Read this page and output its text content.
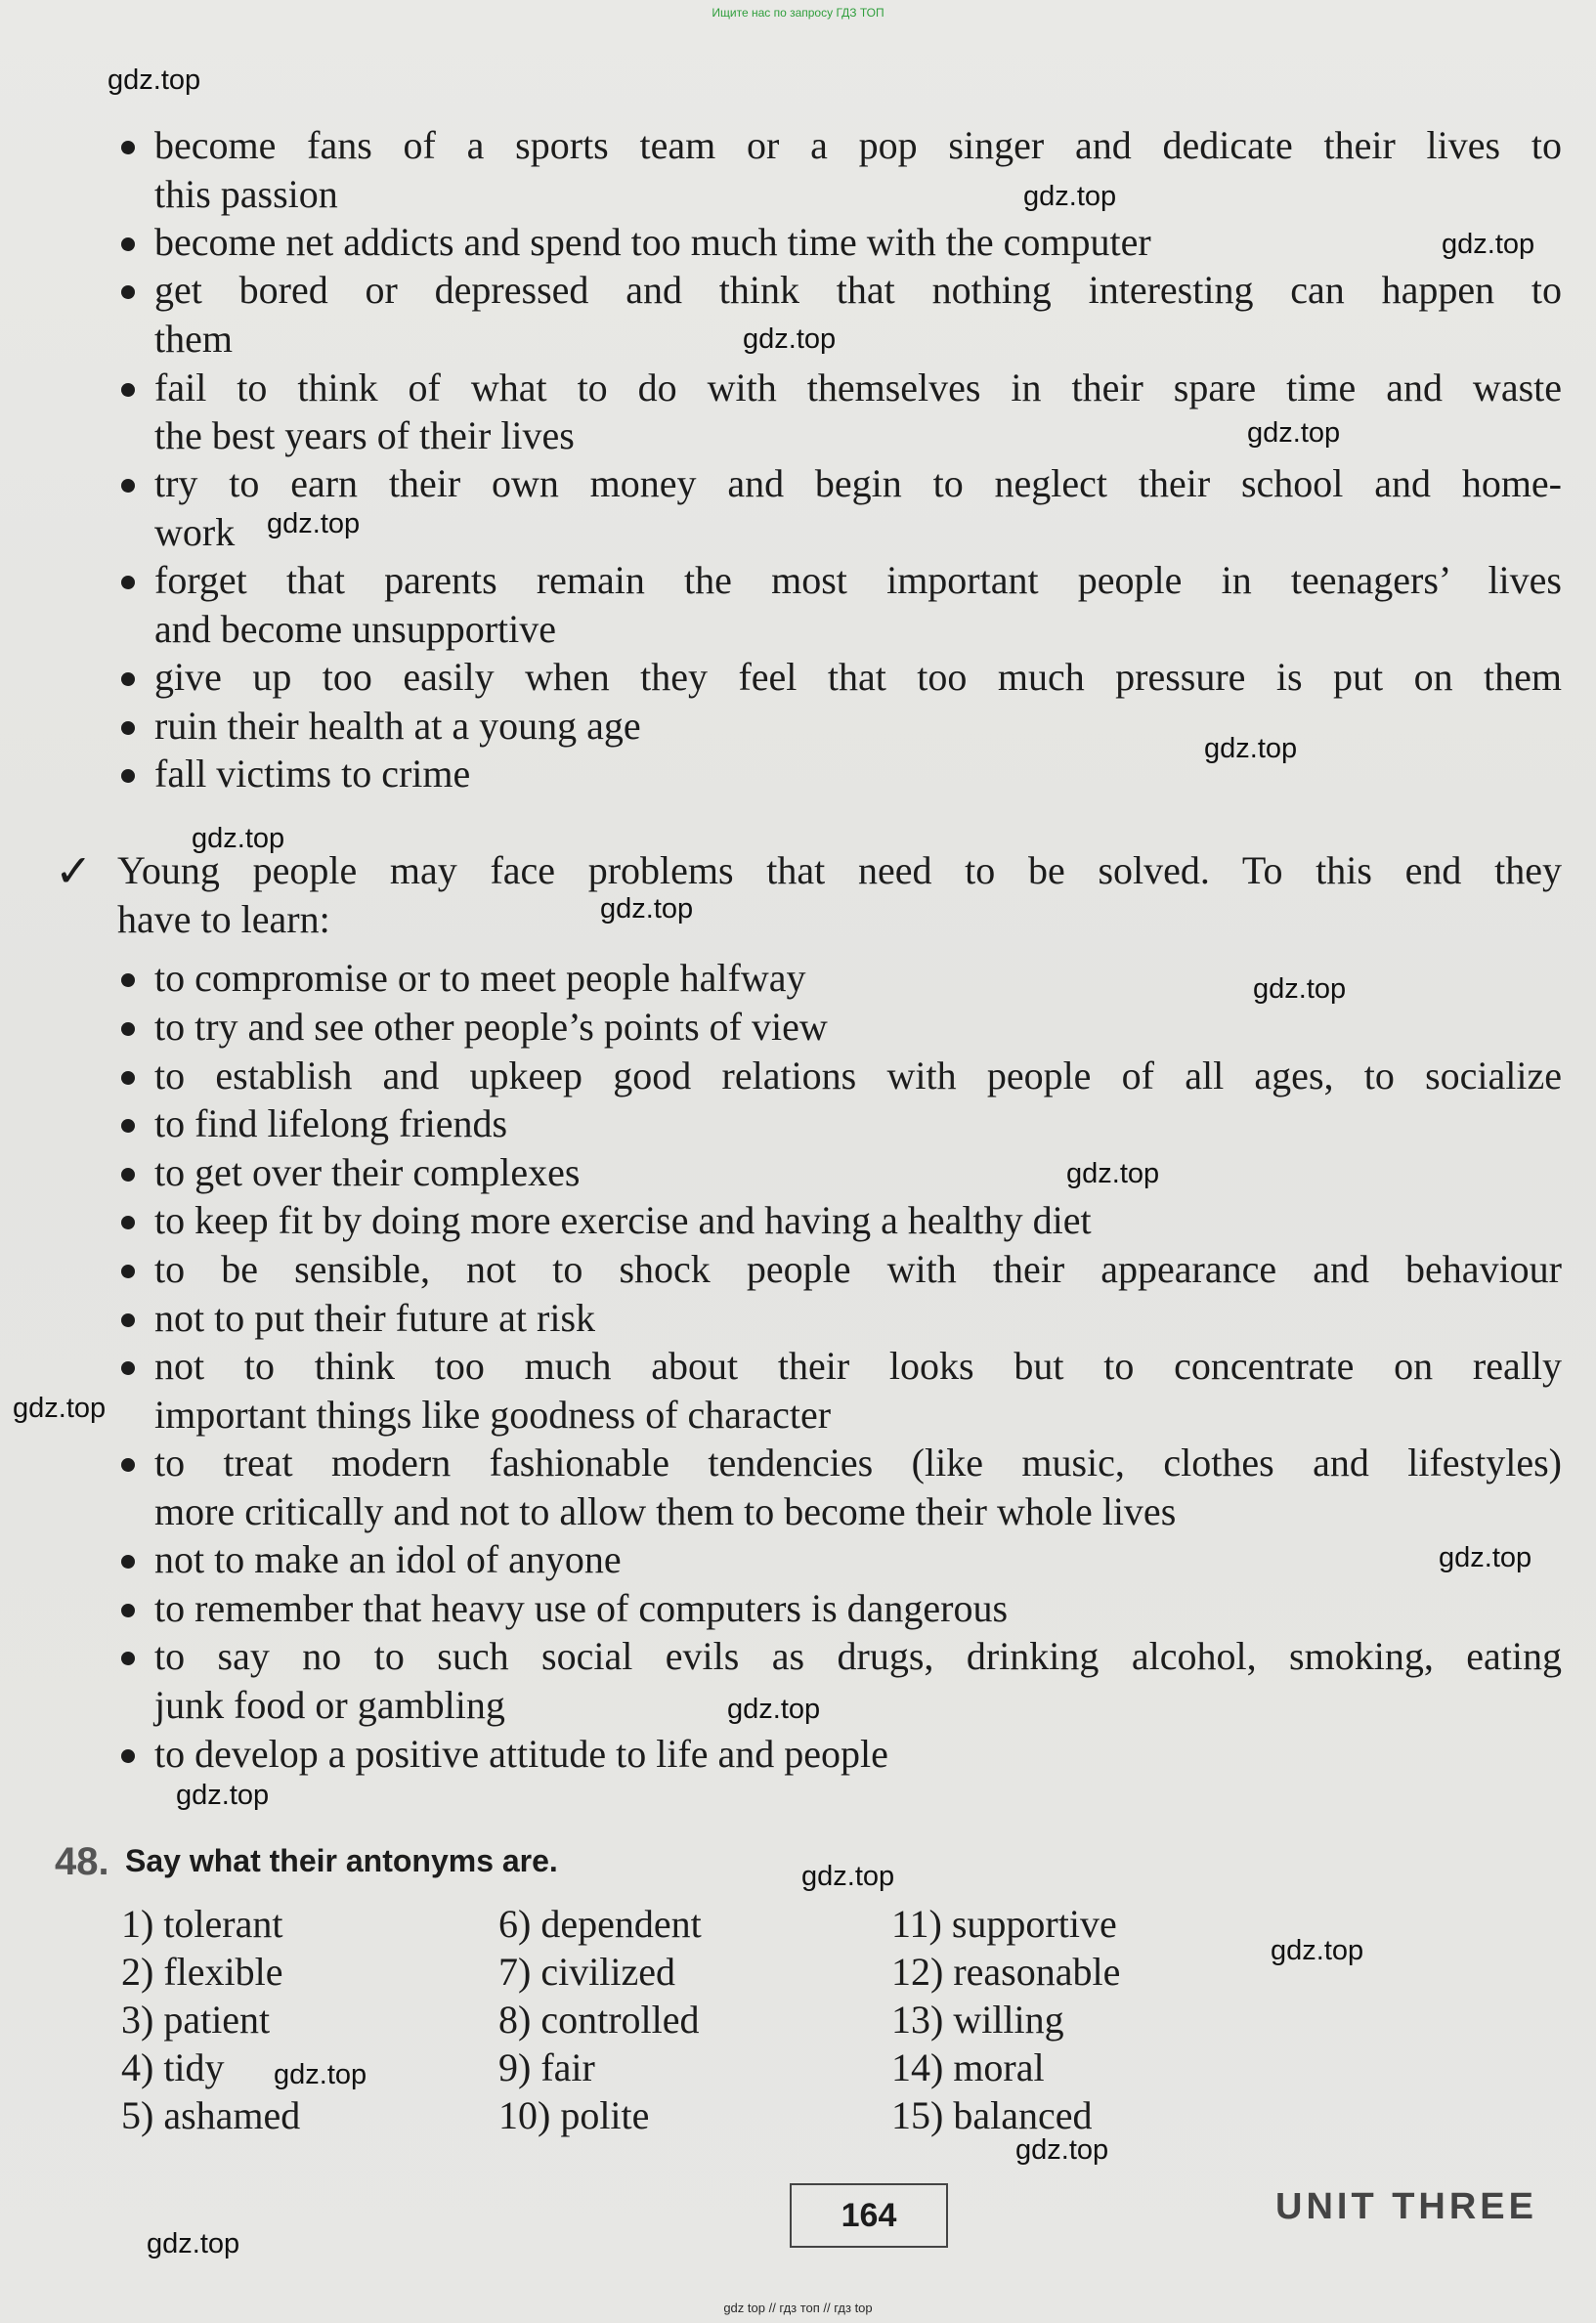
Ищите нас по запросу ГДЗ ТОП
gdz.top
gdz.top
gdz.top
gdz.top
gdz.top
gdz.top
gdz.top
gdz.top
gdz.top
gdz.top
gdz.top
gdz.top
gdz.top
gdz.top
gdz.top
gdz.top
gdz.top
gdz.top
gdz.top
gdz.top
become fans of a sports team or a pop singer and dedicate their lives to
this passion
become net addicts and spend too much time with the computer
get bored or depressed and think that nothing interesting can happen to
them
fail to think of what to do with themselves in their spare time and waste
the best years of their lives
try to earn their own money and begin to neglect their school and home-
work
forget that parents remain the most important people in teenagers’ lives
and become unsupportive
give up too easily when they feel that too much pressure is put on them
ruin their health at a young age
fall victims to crime
✓ Young people may face problems that need to be solved. To this end they
have to learn:
to compromise or to meet people halfway
to try and see other people’s points of view
to establish and upkeep good relations with people of all ages, to socialize
to find lifelong friends
to get over their complexes
to keep fit by doing more exercise and having a healthy diet
to be sensible, not to shock people with their appearance and behaviour
not to put their future at risk
not to think too much about their looks but to concentrate on really
important things like goodness of character
to treat modern fashionable tendencies (like music, clothes and lifestyles)
more critically and not to allow them to become their whole lives
not to make an idol of anyone
to remember that heavy use of computers is dangerous
to say no to such social evils as drugs, drinking alcohol, smoking, eating
junk food or gambling
to develop a positive attitude to life and people
48. Say what their antonyms are.
1) tolerant
2) flexible
3) patient
4) tidy
5) ashamed
6) dependent
7) civilized
8) controlled
9) fair
10) polite
11) supportive
12) reasonable
13) willing
14) moral
15) balanced
164	UNIT THREE
gdz top // гдз топ // гдз top
